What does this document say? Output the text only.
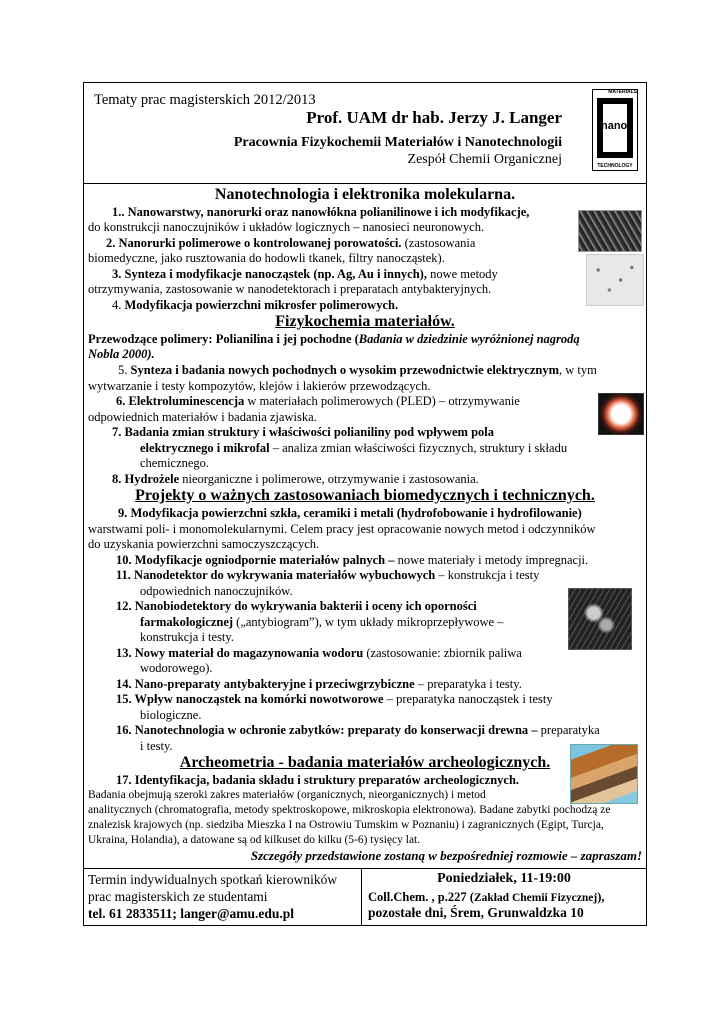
Tematy prac magisterskich 2012/2013
Prof. UAM dr hab. Jerzy J. Langer
Pracownia Fizykochemii Materiałów i Nanotechnologii
Zespół Chemii Organicznej
MATERIALS
nano
TECHNOLOGY
Nanotechnologia i elektronika molekularna.
1.. Nanowarstwy, nanorurki oraz nanowłókna polianilinowe i ich modyfikacje,
do konstrukcji nanoczujników i układów logicznych – nanosieci neuronowych.
2. Nanorurki polimerowe o kontrolowanej porowatości. (zastosowania
biomedyczne, jako rusztowania do hodowli tkanek, filtry nanocząstek).
3. Synteza i modyfikacje nanocząstek (np. Ag, Au i innych), nowe metody
otrzymywania, zastosowanie w nanodetektorach i preparatach antybakteryjnych.
4. Modyfikacja powierzchni mikrosfer polimerowych.
Fizykochemia materiałów.
Przewodzące polimery: Polianilina i jej pochodne (Badania w dziedzinie wyróżnionej nagrodą
Nobla 2000).
5. Synteza i badania nowych pochodnych o wysokim przewodnictwie elektrycznym, w tym
wytwarzanie i testy kompozytów, klejów i lakierów przewodzących.
6. Elektroluminescencja w materiałach polimerowych (PLED) – otrzymywanie
odpowiednich materiałów i badania zjawiska.
7. Badania zmian struktury i właściwości polianiliny pod wpływem pola
elektrycznego i mikrofal – analiza zmian właściwości fizycznych, struktury i składu
chemicznego.
8. Hydrożele nieorganiczne i polimerowe, otrzymywanie i zastosowania.
Projekty o ważnych zastosowaniach biomedycznych i technicznych.
9. Modyfikacja powierzchni szkła, ceramiki i metali (hydrofobowanie i hydrofilowanie)
warstwami poli- i monomolekularnymi. Celem pracy jest opracowanie nowych metod i odczynników
do uzyskania powierzchni samoczyszczących.
10. Modyfikacje ogniodpornie materiałów palnych – nowe materiały i metody impregnacji.
11. Nanodetektor do wykrywania materiałów wybuchowych – konstrukcja i testy
odpowiednich nanoczujników.
12. Nanobiodetektory do wykrywania bakterii i oceny ich oporności
farmakologicznej („antybiogram”), w tym układy mikroprzepływowe –
konstrukcja i testy.
13. Nowy materiał do magazynowania wodoru (zastosowanie: zbiornik paliwa
wodorowego).
14. Nano-preparaty antybakteryjne i przeciwgrzybiczne – preparatyka i testy.
15. Wpływ nanocząstek na komórki nowotworowe – preparatyka nanocząstek i testy
biologiczne.
16. Nanotechnologia w ochronie zabytków: preparaty do konserwacji drewna – preparatyka
i testy.
Archeometria - badania materiałów archeologicznych.
17. Identyfikacja, badania składu i struktury preparatów archeologicznych.
Badania obejmują szeroki zakres materiałów (organicznych, nieorganicznych) i metod
analitycznych (chromatografia, metody spektroskopowe, mikroskopia elektronowa). Badane zabytki pochodzą ze
znalezisk krajowych (np. siedziba Mieszka I na Ostrowiu Tumskim w Poznaniu) i zagranicznych (Egipt, Turcja,
Ukraina, Holandia), a datowane są od kilkuset do kilku (5-6) tysięcy lat.
Szczegóły przedstawione zostaną w bezpośredniej rozmowie – zapraszam!
Termin indywidualnych spotkań kierowników
prac magisterskich ze studentami
tel. 61 2833511; langer@amu.edu.pl
Poniedziałek, 11-19:00
Coll.Chem. , p.227 (Zakład Chemii Fizycznej),
pozostałe dni, Śrem, Grunwaldzka 10
